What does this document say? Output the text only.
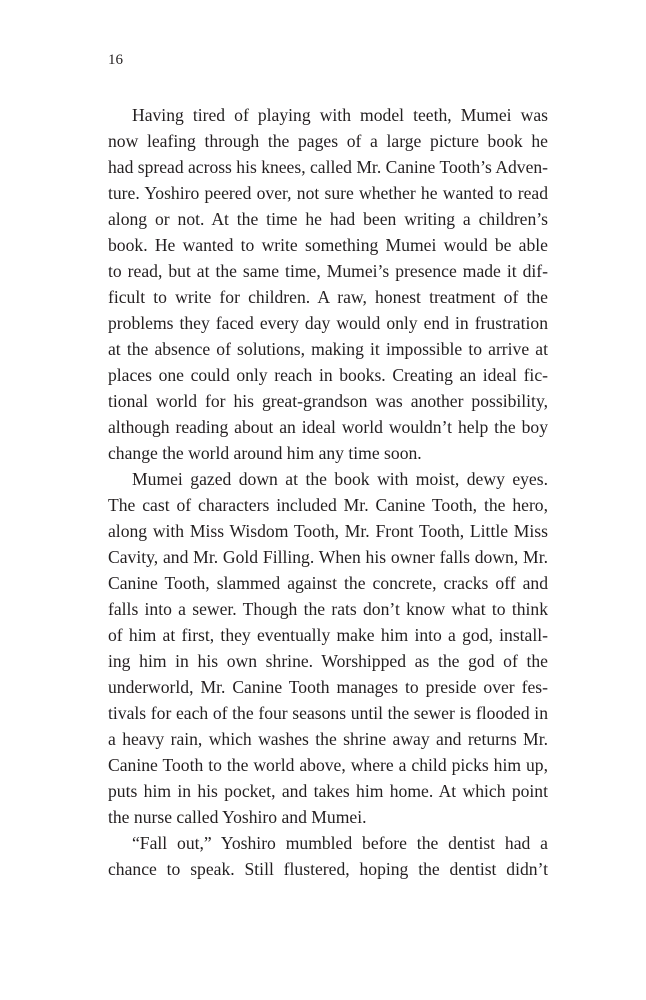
16
Having tired of playing with model teeth, Mumei was
now leafing through the pages of a large picture book he
had spread across his knees, called Mr. Canine Tooth’s Adven-
ture. Yoshiro peered over, not sure whether he wanted to read
along or not. At the time he had been writing a children’s
book. He wanted to write something Mumei would be able
to read, but at the same time, Mumei’s presence made it dif-
ficult to write for children. A raw, honest treatment of the
problems they faced every day would only end in frustration
at the absence of solutions, making it impossible to arrive at
places one could only reach in books. Creating an ideal fic-
tional world for his great-grandson was another possibility,
although reading about an ideal world wouldn’t help the boy
change the world around him any time soon.
Mumei gazed down at the book with moist, dewy eyes.
The cast of characters included Mr. Canine Tooth, the hero,
along with Miss Wisdom Tooth, Mr. Front Tooth, Little Miss
Cavity, and Mr. Gold Filling. When his owner falls down, Mr.
Canine Tooth, slammed against the concrete, cracks off and
falls into a sewer. Though the rats don’t know what to think
of him at first, they eventually make him into a god, install-
ing him in his own shrine. Worshipped as the god of the
underworld, Mr. Canine Tooth manages to preside over fes-
tivals for each of the four seasons until the sewer is flooded in
a heavy rain, which washes the shrine away and returns Mr.
Canine Tooth to the world above, where a child picks him up,
puts him in his pocket, and takes him home. At which point
the nurse called Yoshiro and Mumei.
“Fall out,” Yoshiro mumbled before the dentist had a
chance to speak. Still flustered, hoping the dentist didn’t
